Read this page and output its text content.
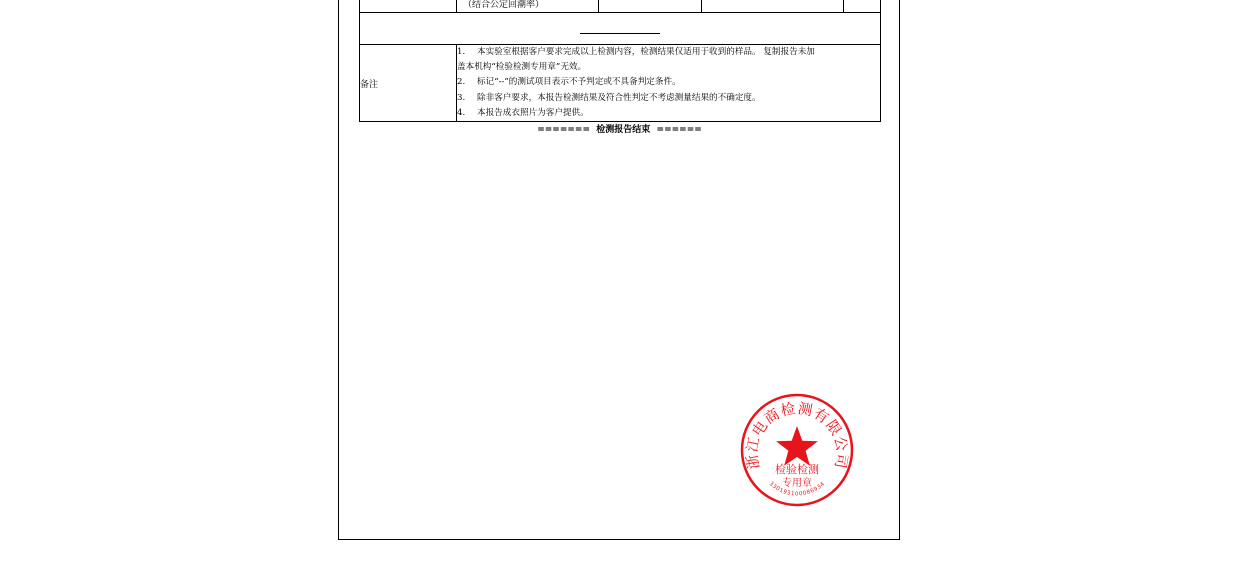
	（结合公定回潮率）			

备注	1. 本实验室根据客户要求完成以上检测内容，检测结果仅适用于收到的样品。 复制报告未加
盖本机构“检验检测专用章”无效。
2. 标记“--”的测试项目表示不予判定或不具备判定条件。
3. 除非客户要求，本报告检测结果及符合性判定不考虑测量结果的不确定度。
4. 本报告成衣照片为客户提供。			
=======  检测报告结束  ======
浙江电商检测有限公司
检验检测
专用章
330193100086934
